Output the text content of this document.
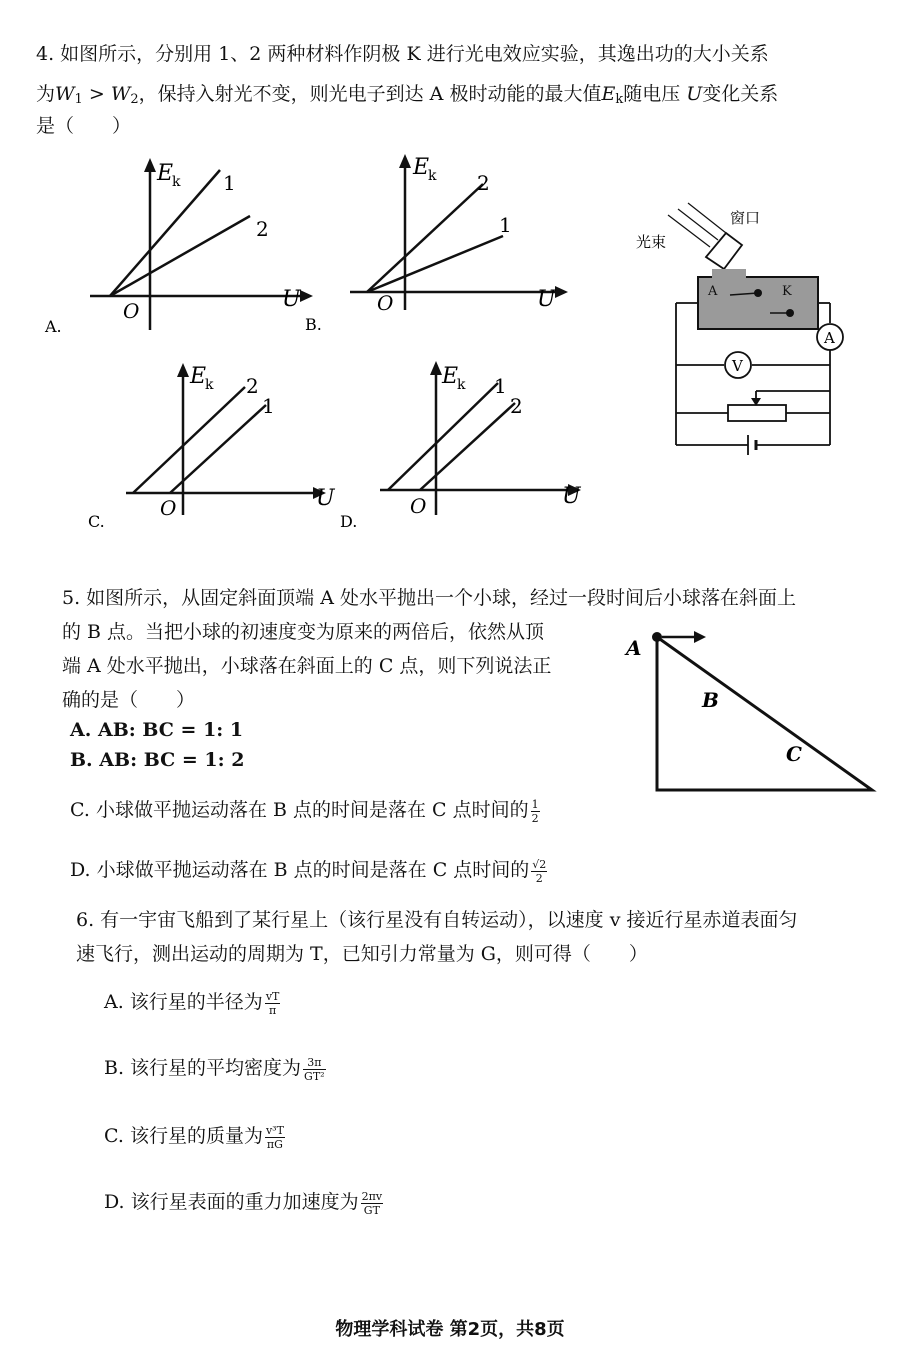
4. 如图所示，分别用 1、2 两种材料作阴极 K 进行光电效应实验，其逸出功的大小关系
为$W_1 > W_2$，保持入射光不变，则光电子到达 A 极时动能的最大值$E_k$随电压 U变化关系
是（　　）
E
k 1
2
O	U
A.
E
k 2
1
O	U
B.
E
k 2
1
O	U
C.
E
k 1
2
O	U
D.
光束
窗口
A	K
A
V
5. 如图所示，从固定斜面顶端 A 处水平抛出一个小球，经过一段时间后小球落在斜面上
的 B 点。当把小球的初速度变为原来的两倍后，依然从顶
端 A 处水平抛出，小球落在斜面上的 C 点，则下列说法正
确的是（　　）
A. AB: BC = 1: 1
B. AB: BC = 1: 2
C. 小球做平抛运动落在 B 点的时间是落在 C 点时间的 $\frac{1}{2}$
D. 小球做平抛运动落在 B 点的时间是落在 C 点时间的 $\frac{√2}{2}$
A
B
C
6. 有一宇宙飞船到了某行星上（该行星没有自转运动），以速度 v 接近行星赤道表面匀
速飞行，测出运动的周期为 T，已知引力常量为 G，则可得（　　）
A. 该行星的半径为 $\frac{vT}{\pi}$
B. 该行星的平均密度为 $\frac{3\pi}{\text{GT²}}$
C. 该行星的质量为 $\frac{\text{v³T}}{\pi G}$
D. 该行星表面的重力加速度为 $\frac{2\pi v}{GT}$
物理学科试卷 第2页，共8页
